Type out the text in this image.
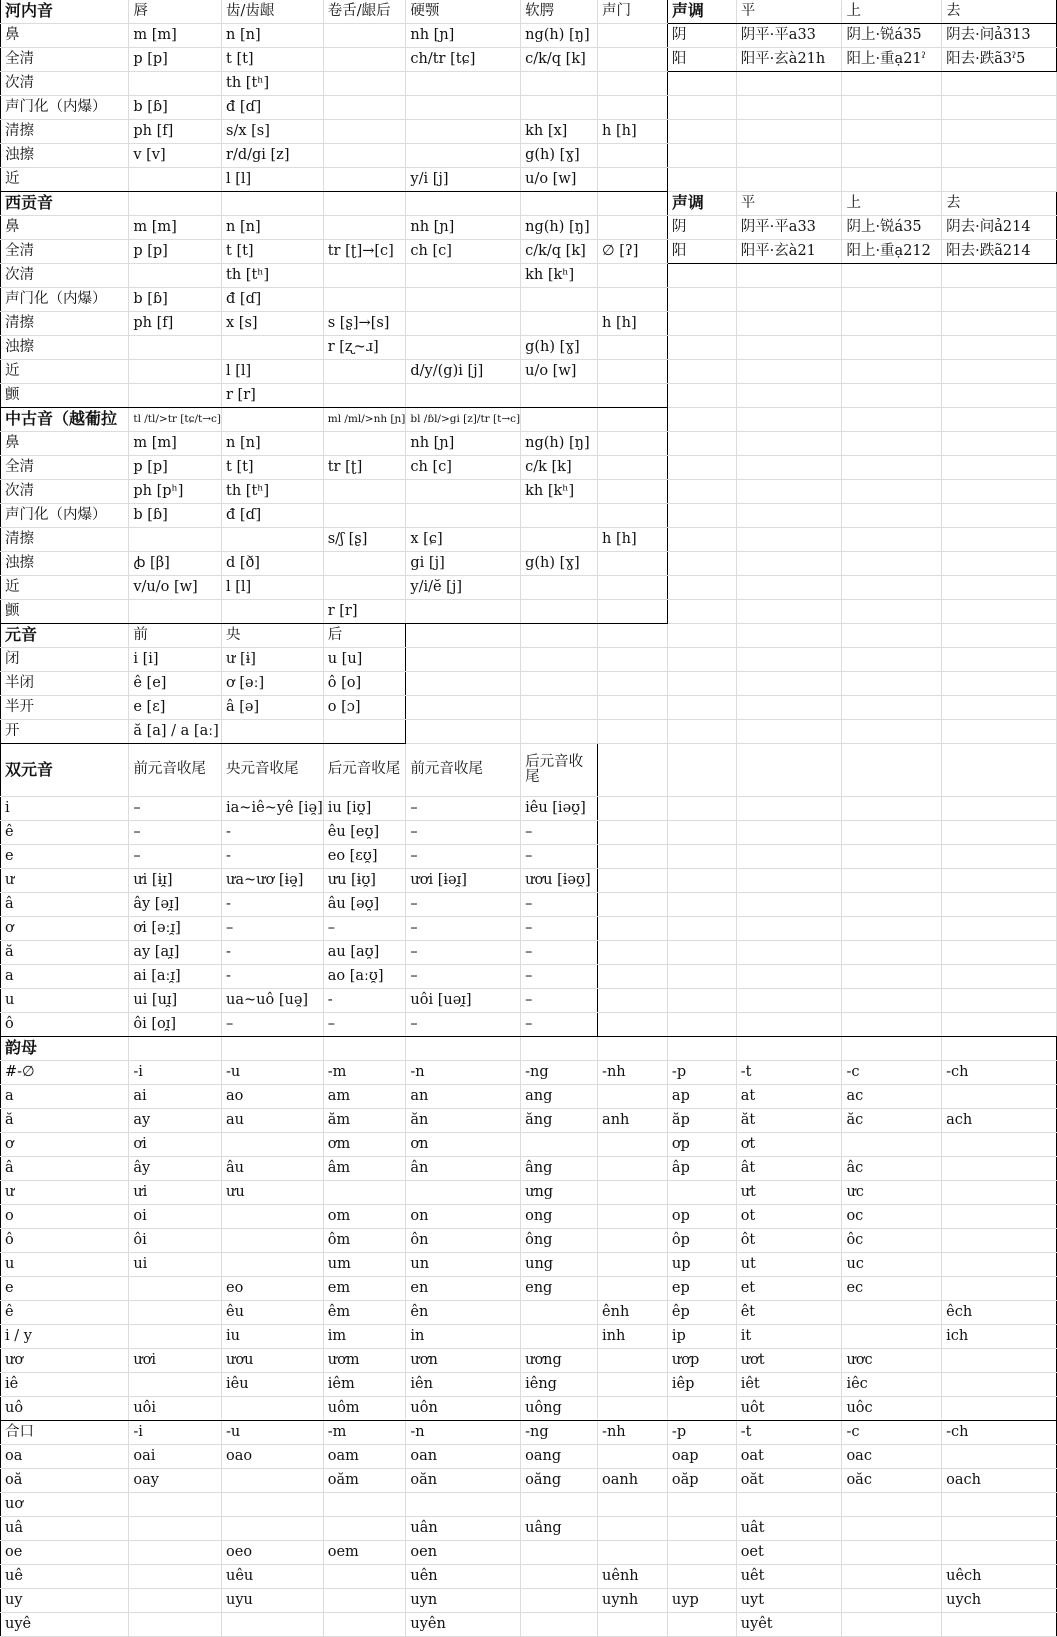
河内音	唇	齿/齿龈	卷舌/龈后	硬颚	软腭	声门	声调	平	上	去
鼻	m [m]	n [n]		nh [ɲ]	ng(h) [ŋ]		阴	阴平·平a33	阴上·锐á35	阴去·问ả313
全清	p [p]	t [t]		ch/tr [tɕ]	c/k/q [k]		阳	阳平·玄à21h	阳上·重ạ21ˀ	阳去·跌ã3ˀ5
次清		th [tʰ]								
声门化（内爆）	b [ɓ]	đ [ɗ]								
清擦	ph [f]	s/x [s]			kh [x]	h [h]				
浊擦	v [v]	r/d/gi [z]			g(h) [ɣ]					
近		l [l]		y/i [j]	u/o [w]					
西贡音							声调	平	上	去
鼻	m [m]	n [n]		nh [ɲ]	ng(h) [ŋ]		阴	阴平·平a33	阴上·锐á35	阴去·问ả214
全清	p [p]	t [t]	tr [ʈ]→[c]	ch [c]	c/k/q [k]	∅ [ʔ]	阳	阳平·玄à21	阳上·重ạ212	阳去·跌ã214
次清		th [tʰ]			kh [kʰ]					
声门化（内爆）	b [ɓ]	đ [ɗ]								
清擦	ph [f]	x [s]	s [ʂ]→[s]			h [h]				
浊擦			r [ʐ~ɹ]		g(h) [ɣ]					
近		l [l]		d/y/(g)i [j]	u/o [w]					
颤		r [r]								
中古音（越葡拉	tl /tl/>tr [tɕ/t→c]		ml /ml/>nh [ɲ]	bl /ɓl/>gi [z]/tr [t→c]						
鼻	m [m]	n [n]		nh [ɲ]	ng(h) [ŋ]					
全清	p [p]	t [t]	tr [ʈ]	ch [c]	c/k [k]					
次清	ph [pʰ]	th [tʰ]			kh [kʰ]					
声门化（内爆）	b [ɓ]	đ [ɗ]								
清擦			s/ʃ [ʂ]	x [ɕ]		h [h]				
浊擦	ꞗ [β]	d [ð]		gi [j]	g(h) [ɣ]					
近	v/u/o [w]	l [l]		y/i/ĕ [j]						
颤			r [r]							
元音	前	央	后							
闭	i [i]	ư [ɨ]	u [u]							
半闭	ê [e]	ơ [əː]	ô [o]							
半开	e [ɛ]	â [ə]	o [ɔ]							
开	ă [a] / a [aː]									
双元音	前元音收尾	央元音收尾	后元音收尾	前元音收尾	后元音收尾					
i	–	ia~iê~yê [iə̯]	iu [iʊ̯]	–	iêu [iəʊ̯]					
ê	–	-	êu [eʊ̯]	–	–					
e	–	-	eo [ɛʊ̯]	–	–					
ư	ưi [ɨɪ̯]	ưa~ươ [ɨə̯]	ưu [ɨʊ̯]	ươi [ɨəɪ̯]	ươu [ɨəʊ̯]					
â	ây [əɪ̯]	-	âu [əʊ̯]	–	–					
ơ	ơi [əːɪ̯]	–	–	–	–					
ă	ay [aɪ̯]	-	au [aʊ̯]	–	–					
a	ai [aːɪ̯]	-	ao [aːʊ̯]	–	–					
u	ui [uɪ̯]	ua~uô [uə̯]	-	uôi [uəɪ̯]	–					
ô	ôi [oɪ̯]	–	–	–	–					
韵母										
#-∅	-i	-u	-m	-n	-ng	-nh	-p	-t	-c	-ch
a	ai	ao	am	an	ang		ap	at	ac	
ă	ay	au	ăm	ăn	ăng	anh	ăp	ăt	ăc	ach
ơ	ơi		ơm	ơn			ơp	ơt		
â	ây	âu	âm	ân	âng		âp	ât	âc	
ư	ưi	ưu			ưng			ưt	ưc	
o	oi		om	on	ong		op	ot	oc	
ô	ôi		ôm	ôn	ông		ôp	ôt	ôc	
u	ui		um	un	ung		up	ut	uc	
e		eo	em	en	eng		ep	et	ec	
ê		êu	êm	ên		ênh	êp	êt		êch
i / y		iu	im	in		inh	ip	it		ich
ươ	ươi	ươu	ươm	ươn	ương		ươp	ươt	ươc	
iê		iêu	iêm	iên	iêng		iêp	iêt	iêc	
uô	uôi		uôm	uôn	uông			uôt	uôc	
合口	-i	-u	-m	-n	-ng	-nh	-p	-t	-c	-ch
oa	oai	oao	oam	oan	oang		oap	oat	oac	
oă	oay		oăm	oăn	oăng	oanh	oăp	oăt	oăc	oach
uơ										
uâ				uân	uâng			uât		
oe		oeo	oem	oen				oet		
uê		uêu		uên		uênh		uêt		uêch
uy		uyu		uyn		uynh	uyp	uyt		uych
uyê				uyên				uyêt		
